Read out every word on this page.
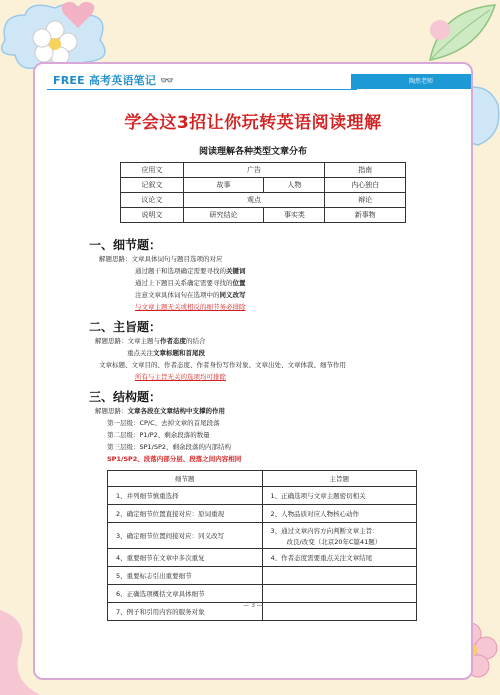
FREE 高考英语笔记 👓	陶然老师
学会这3招让你玩转英语阅读理解
阅读理解各种类型文章分布
应用文	广告		指南
记叙文	故事	人物	内心独白
议论文	观点		辩论
说明文	研究结论	事实类	新事物
一、细节题：
解题思路：文章具体词句与题目选项的对应
通过题干和选项确定需要寻找的关键词
通过上下题目关系确定需要寻找的位置
注意文章具体词句在选项中的同义改写
与文章主题无关或相反的细节务必排除
二、主旨题：
解题思路：文章主题与作者态度的结合
重点关注文章标题和首尾段
文章标题、文章目的、作者态度、作者身份写作对象、文章出处、文章体裁、细节作用
所有与主旨无关的选项均可排除
三、结构题：
解题思路：文章各段在文章结构中支撑的作用
第一层级：CP/C、去掉文章的首尾段落
第二层级：P1/P2、剩余段落的数量
第三层级：SP1/SP2、剩余段落的内部结构
SP1/SP2、段落内部分层、段落之间内容相同
细节题	主旨题
1、并列细节慎重选择	1、正确选项与文章主题密切相关
2、确定细节位置直接对应：原词重现	2、人物品质对应人物核心动作
3、确定细节位置间接对应：同义改写	3、通过文章内容方向判断文章主旨：
改良/改变（北京20年C篇41题）

4、重要细节在文章中多次重复	4、作者态度需要重点关注文章结尾
5、重要标志引出重要细节	
6、正确选项概括文章具体细节	
7、例子和引用内容的服务对象	
— 3 —
